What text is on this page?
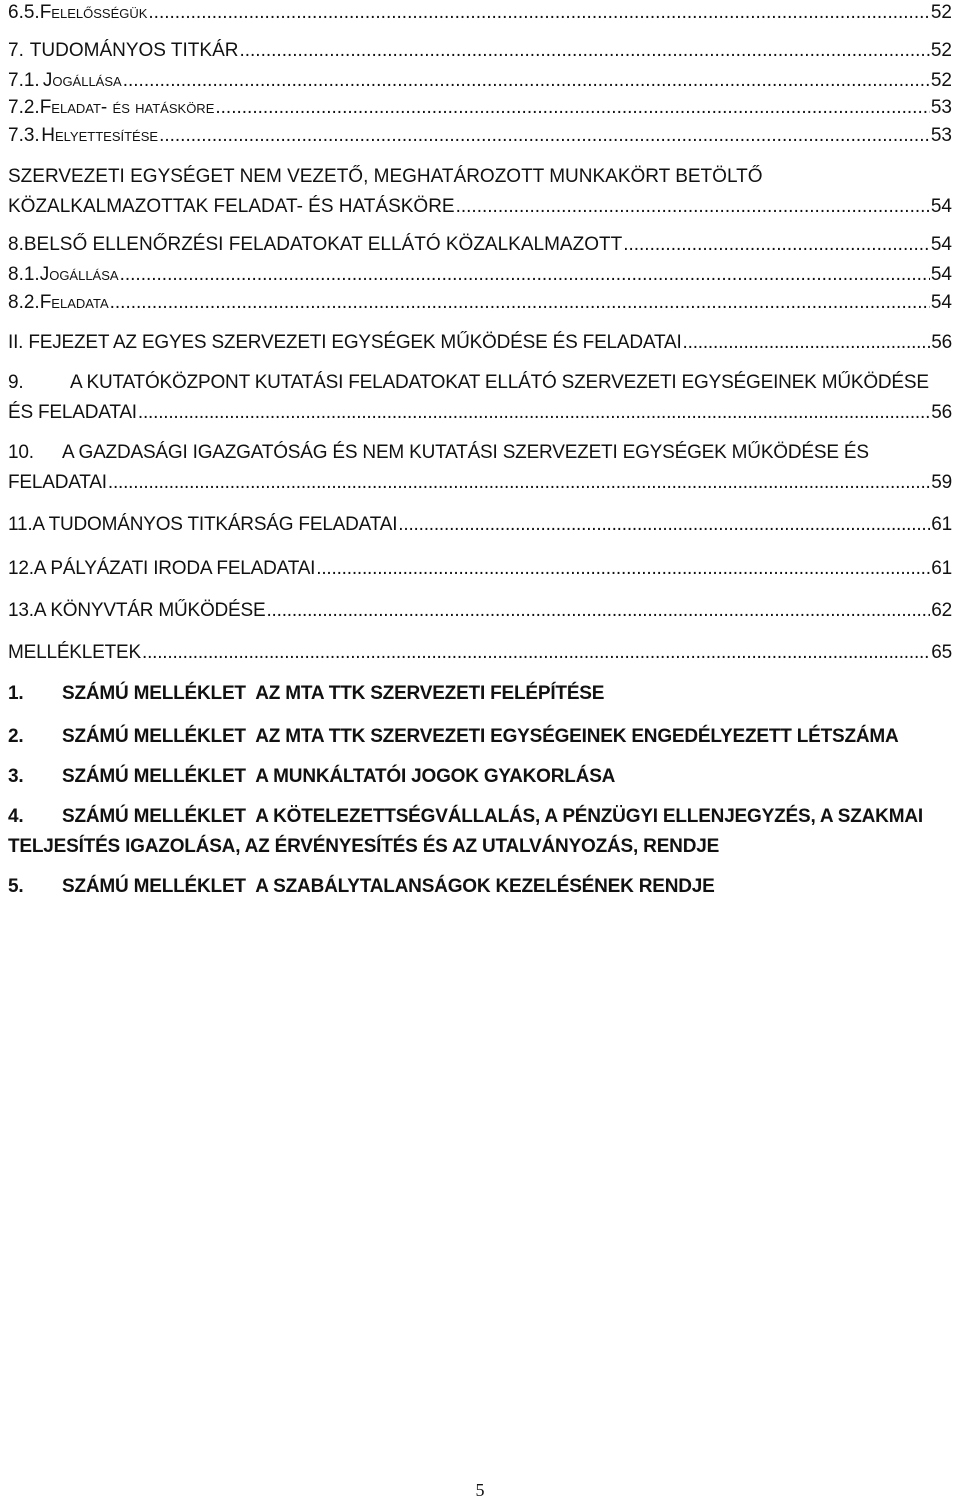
6.5. Felelősségük .....	52
7. TUDOMÁNYOS TITKÁR .....	52
7.1. Jogállása .....	52
7.2. Feladat- és hatásköre .....	53
7.3. Helyettesítése .....	53
SZERVEZETI EGYSÉGET NEM VEZETŐ, MEGHATÁROZOTT MUNKAKÖRT BETÖLTŐ
KÖZALKALMAZOTTAK FELADAT- ÉS HATÁSKÖRE .....	54
8. BELSŐ ELLENŐRZÉSI FELADATOKAT ELLÁTÓ KÖZALKALMAZOTT .....	54
8.1. Jogállása .....	54
8.2. Feladata .....	54
II. FEJEZET AZ EGYES SZERVEZETI EGYSÉGEK MŰKÖDÉSE ÉS FELADATAI .....	56
9. A KUTATÓKÖZPONT KUTATÁSI FELADATOKAT ELLÁTÓ SZERVEZETI EGYSÉGEINEK MŰKÖDÉSE
ÉS FELADATAI .....	56
10. A GAZDASÁGI IGAZGATÓSÁG ÉS NEM KUTATÁSI SZERVEZETI EGYSÉGEK MŰKÖDÉSE ÉS
FELADATAI .....	59
11. A TUDOMÁNYOS TITKÁRSÁG FELADATAI .....	61
12. A PÁLYÁZATI IRODA FELADATAI .....	61
13. A KÖNYVTÁR MŰKÖDÉSE .....	62
MELLÉKLETEK .....	65
1. SZÁMÚ MELLÉKLET  AZ MTA TTK SZERVEZETI FELÉPÍTÉSE
2. SZÁMÚ MELLÉKLET  AZ MTA TTK SZERVEZETI EGYSÉGEINEK ENGEDÉLYEZETT LÉTSZÁMA
3. SZÁMÚ MELLÉKLET  A MUNKÁLTATÓI JOGOK GYAKORLÁSA
4. SZÁMÚ MELLÉKLET  A KÖTELEZETTSÉGVÁLLALÁS, A PÉNZÜGYI ELLENJEGYZÉS, A SZAKMAI
TELJESÍTÉS IGAZOLÁSA, AZ ÉRVÉNYESÍTÉS ÉS AZ UTALVÁNYOZÁS, RENDJE
5. SZÁMÚ MELLÉKLET  A SZABÁLYTALANSÁGOK KEZELÉSÉNEK RENDJE
5
